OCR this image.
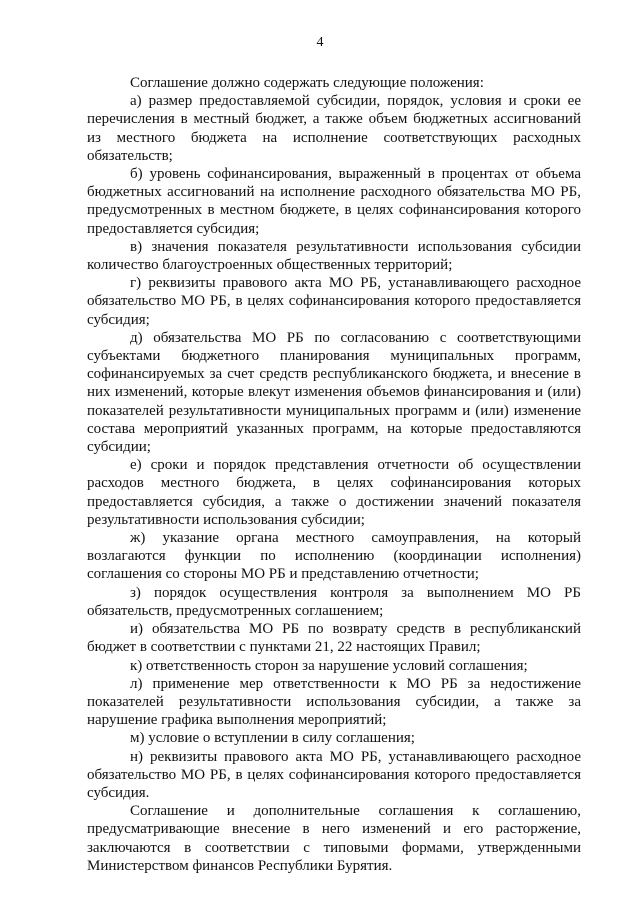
4

Соглашение должно содержать следующие положения:

а) размер предоставляемой субсидии, порядок, условия и сроки ее перечисления в местный бюджет, а также объем бюджетных ассигнований из местного бюджета на исполнение соответствующих расходных обязательств;

б) уровень софинансирования, выраженный в процентах от объема бюджетных ассигнований на исполнение расходного обязательства МО РБ, предусмотренных в местном бюджете, в целях софинансирования которого предоставляется субсидия;

в) значения показателя результативности использования субсидии количество благоустроенных общественных территорий;

г) реквизиты правового акта МО РБ, устанавливающего расходное обязательство МО РБ, в целях софинансирования которого предоставляется субсидия;

д) обязательства МО РБ по согласованию с соответствующими субъектами бюджетного планирования муниципальных программ, софинансируемых за счет средств республиканского бюджета, и внесение в них изменений, которые влекут изменения объемов финансирования и (или) показателей результативности муниципальных программ и (или) изменение состава мероприятий указанных программ, на которые предоставляются субсидии;

е) сроки и порядок представления отчетности об осуществлении расходов местного бюджета, в целях софинансирования которых предоставляется субсидия, а также о достижении значений показателя результативности использования субсидии;

ж) указание органа местного самоуправления, на который возлагаются функции по исполнению (координации исполнения) соглашения со стороны МО РБ и представлению отчетности;

з) порядок осуществления контроля за выполнением МО РБ обязательств, предусмотренных соглашением;

и) обязательства МО РБ по возврату средств в республиканский бюджет в соответствии с пунктами 21, 22 настоящих Правил;

к) ответственность сторон за нарушение условий соглашения;

л) применение мер ответственности к МО РБ за недостижение показателей результативности использования субсидии, а также за нарушение графика выполнения мероприятий;

м) условие о вступлении в силу соглашения;

н) реквизиты правового акта МО РБ, устанавливающего расходное обязательство МО РБ, в целях софинансирования которого предоставляется субсидия.

Соглашение и дополнительные соглашения к соглашению, предусматривающие внесение в него изменений и его расторжение, заключаются в соответствии с типовыми формами, утвержденными Министерством финансов Республики Бурятия.
